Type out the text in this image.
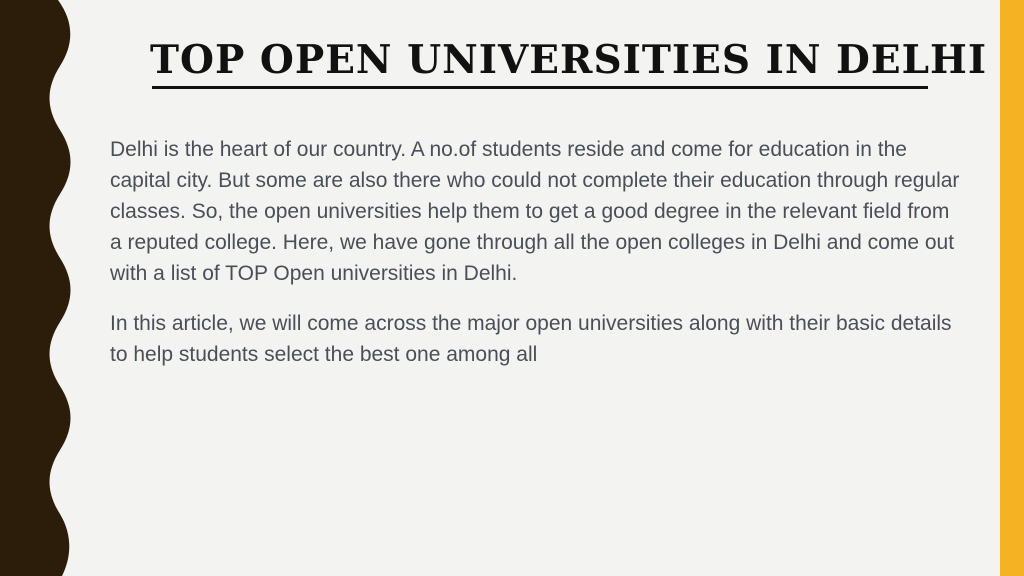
TOP OPEN UNIVERSITIES IN DELHI

Delhi is the heart of our country. A no.of students reside and come for education in the capital city. But some are also there who could not complete their education through regular classes. So, the open universities help them to get a good degree in the relevant field from a reputed college. Here, we have gone through all the open colleges in Delhi and come out with a list of TOP Open universities in Delhi.

In this article, we will come across the major open universities along with their basic details to help students select the best one among all
